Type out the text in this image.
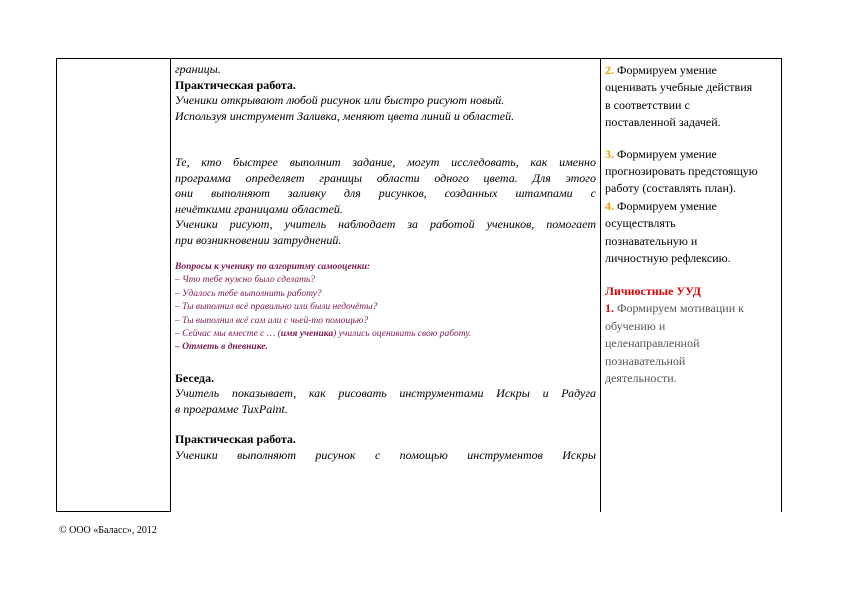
границы.

Практическая работа.

Ученики открывают любой рисунок или быстро рисуют новый.

Используя инструмент Заливка, меняют цвета линий и областей.

Те, кто быстрее выполнит задание, могут исследовать, как именно

программа определяет границы области одного цвета. Для этого

они выполняют заливку для рисунков, созданных штампами с

нечёткими границами областей.

Ученики рисуют, учитель наблюдает за работой учеников, помогает

при возникновении затруднений.

Вопросы к ученику по алгоритму самооценки:

– Что тебе нужно было сделать?

– Удалось тебе выполнить работу?

– Ты выполнил всё правильно или были недочёты?

– Ты выполнил всё сам или с чьей-то помощью?

– Сейчас мы вместе с … (имя ученика) учились оценивать свою работу.

– Отметь в дневнике.

Беседа.

Учитель показывает, как рисовать инструментами Искры и Радуга

в программе TuxPaint.

Практическая работа.

Ученики выполняют рисунок с помощью инструментов Искры

2. Формируем умение

оценивать учебные действия

в соответствии с

поставленной задачей.

3. Формируем умение

прогнозировать предстоящую

работу (составлять план).

4. Формируем умение

осуществлять

познавательную и

личностную рефлексию.

Личностные УУД

1. Формируем мотивации к

обучению и

целенаправленной

познавательной

деятельности.

© ООО «Баласс», 2012
